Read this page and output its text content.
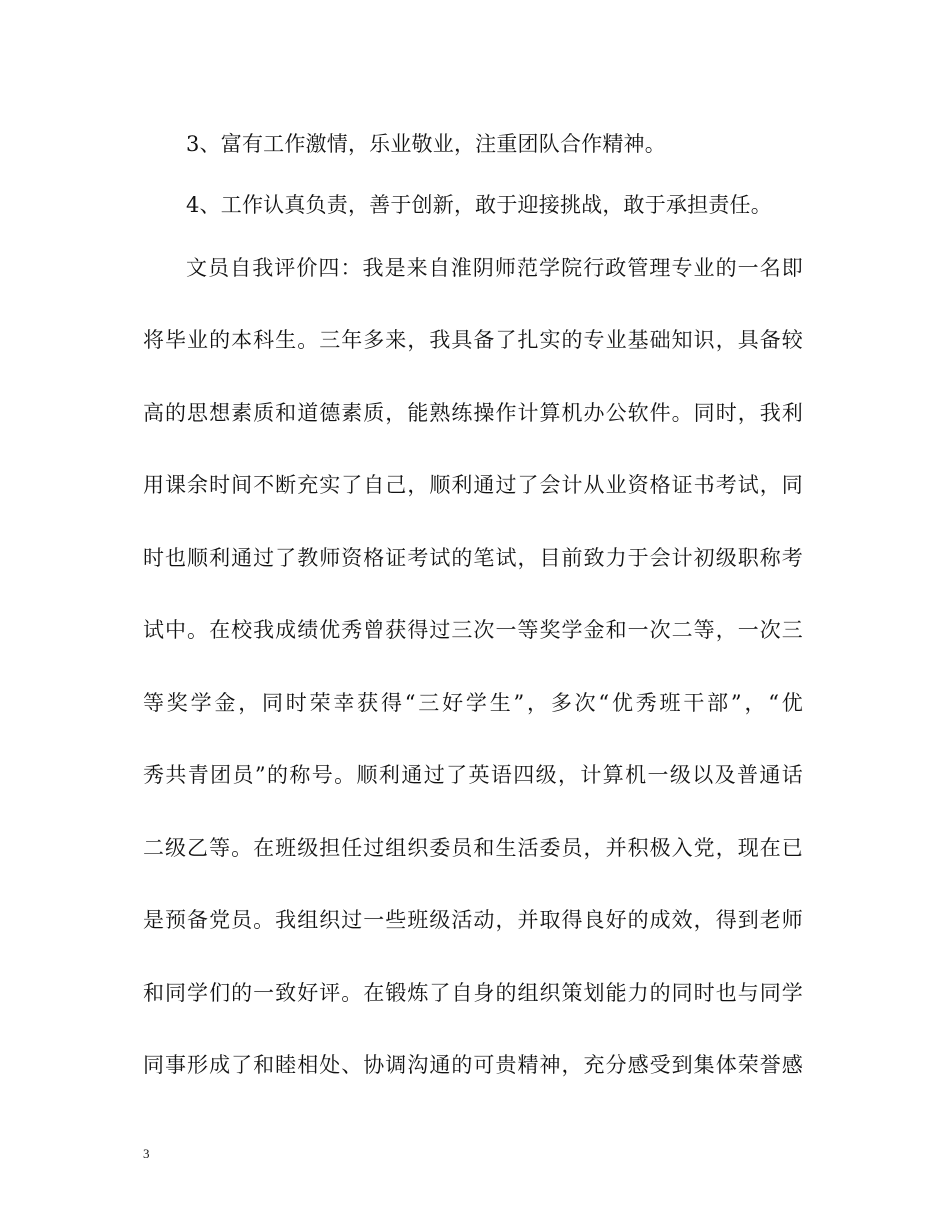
3、富有工作激情，乐业敬业，注重团队合作精神。
4、工作认真负责，善于创新，敢于迎接挑战，敢于承担责任。
文员自我评价四：我是来自淮阴师范学院行政管理专业的一名即
将毕业的本科生。三年多来，我具备了扎实的专业基础知识，具备较
高的思想素质和道德素质，能熟练操作计算机办公软件。同时，我利
用课余时间不断充实了自己，顺利通过了会计从业资格证书考试，同
时也顺利通过了教师资格证考试的笔试，目前致力于会计初级职称考
试中。在校我成绩优秀曾获得过三次一等奖学金和一次二等，一次三
等奖学金，同时荣幸获得“三好学生”，多次“优秀班干部”，“优
秀共青团员”的称号。顺利通过了英语四级，计算机一级以及普通话
二级乙等。在班级担任过组织委员和生活委员，并积极入党，现在已
是预备党员。我组织过一些班级活动，并取得良好的成效，得到老师
和同学们的一致好评。在锻炼了自身的组织策划能力的同时也与同学
同事形成了和睦相处、协调沟通的可贵精神，充分感受到集体荣誉感
3
